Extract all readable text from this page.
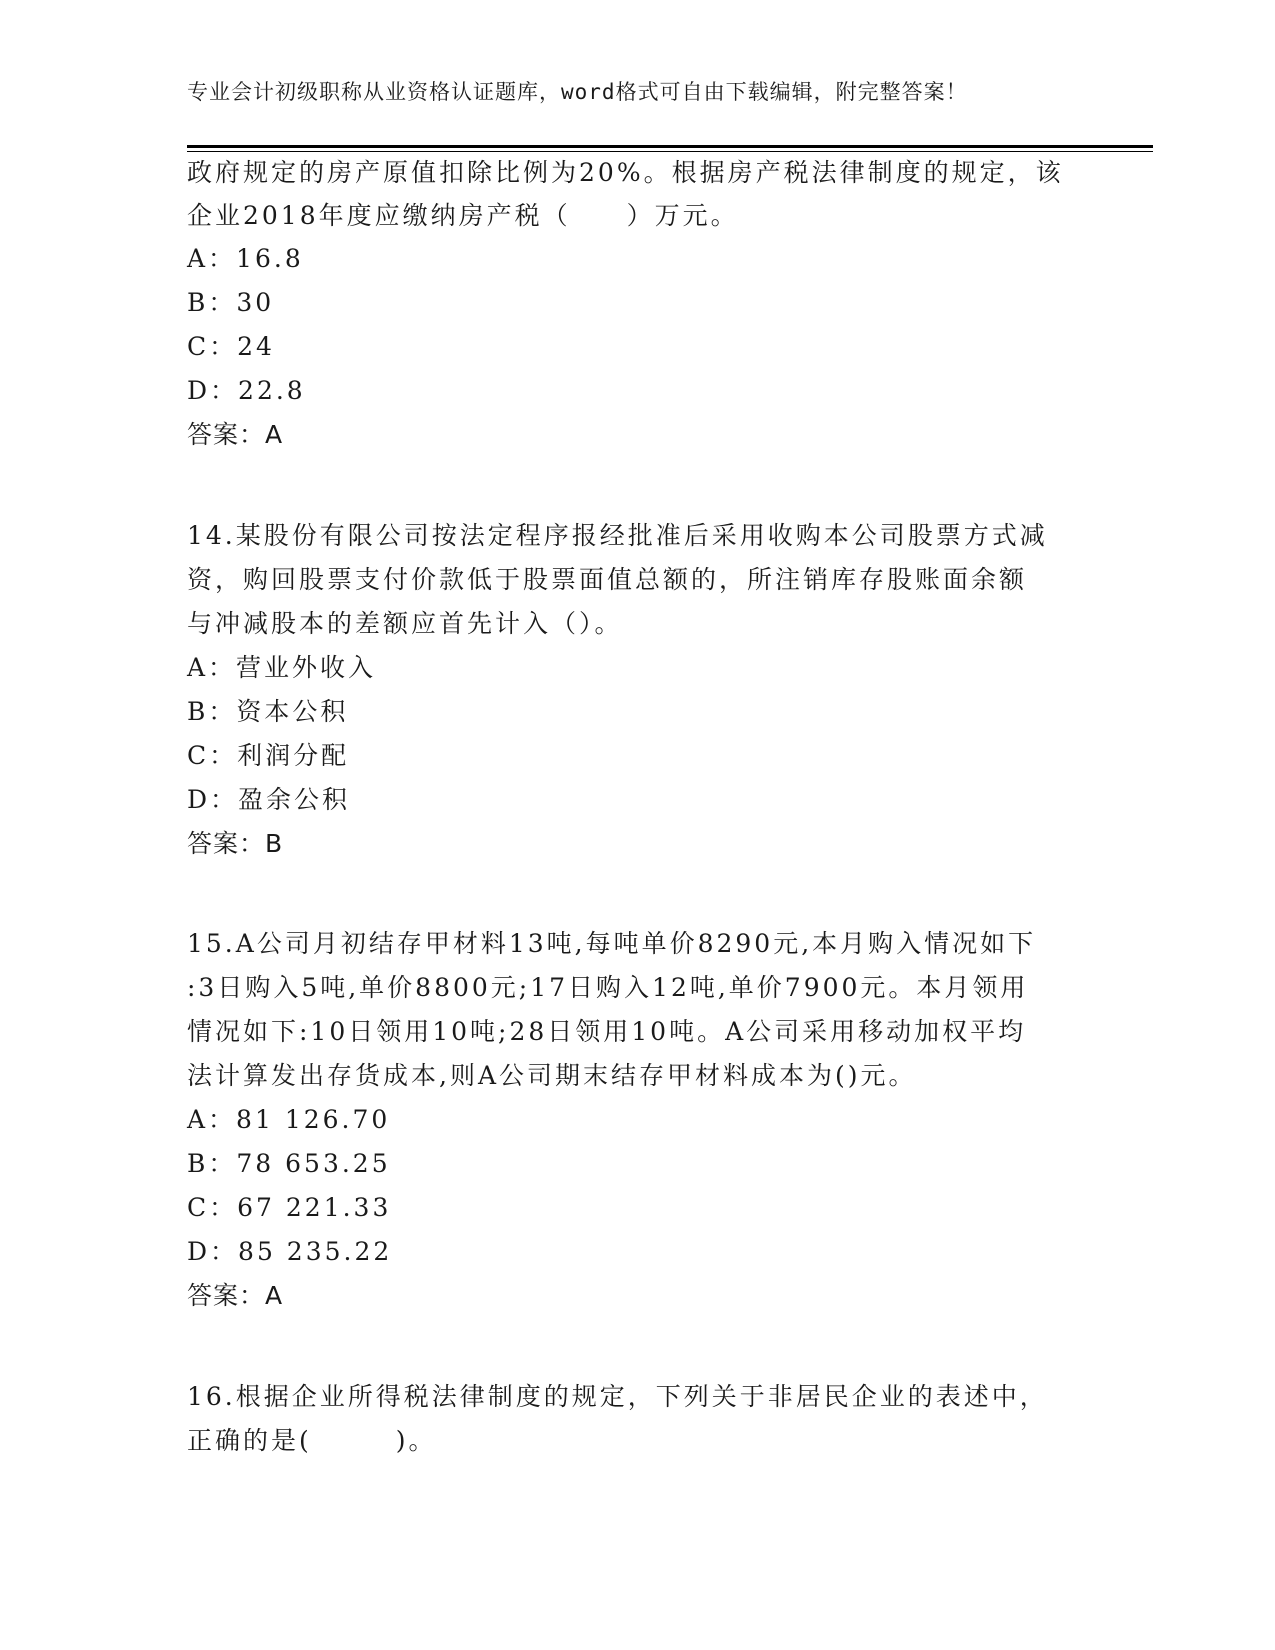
专业会计初级职称从业资格认证题库，word格式可自由下载编辑，附完整答案！
政府规定的房产原值扣除比例为20%。根据房产税法律制度的规定，该
企业2018年度应缴纳房产税（　　）万元。
A：16.8
B：30
C：24
D：22.8
答案：A
14.某股份有限公司按法定程序报经批准后采用收购本公司股票方式减
资，购回股票支付价款低于股票面值总额的，所注销库存股账面余额
与冲减股本的差额应首先计入（）。
A：营业外收入
B：资本公积
C：利润分配
D：盈余公积
答案：B
15.A公司月初结存甲材料13吨,每吨单价8290元,本月购入情况如下
:3日购入5吨,单价8800元;17日购入12吨,单价7900元。本月领用
情况如下:10日领用10吨;28日领用10吨。A公司采用移动加权平均
法计算发出存货成本,则A公司期末结存甲材料成本为()元。
A：81 126.70
B：78 653.25
C：67 221.33
D：85 235.22
答案：A
16.根据企业所得税法律制度的规定，下列关于非居民企业的表述中，
正确的是(　　　)。
